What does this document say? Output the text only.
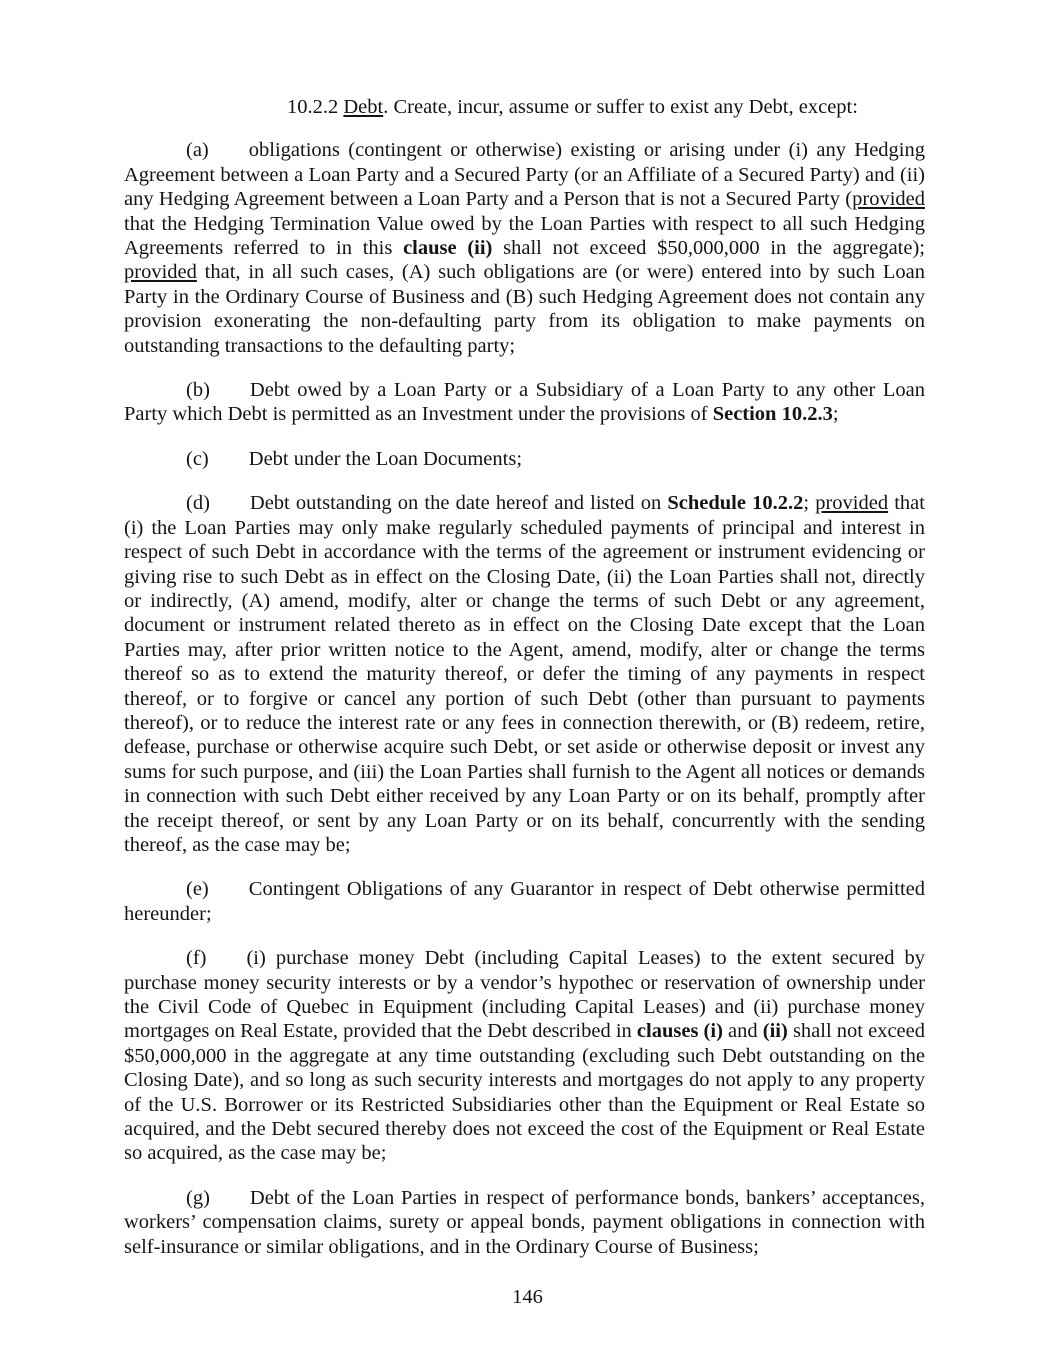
10.2.2 Debt. Create, incur, assume or suffer to exist any Debt, except:

(a) obligations (contingent or otherwise) existing or arising under (i) any Hedging Agreement between a Loan Party and a Secured Party (or an Affiliate of a Secured Party) and (ii) any Hedging Agreement between a Loan Party and a Person that is not a Secured Party (provided that the Hedging Termination Value owed by the Loan Parties with respect to all such Hedging Agreements referred to in this clause (ii) shall not exceed $50,000,000 in the aggregate); provided that, in all such cases, (A) such obligations are (or were) entered into by such Loan Party in the Ordinary Course of Business and (B) such Hedging Agreement does not contain any provision exonerating the non-defaulting party from its obligation to make payments on outstanding transactions to the defaulting party;

(b) Debt owed by a Loan Party or a Subsidiary of a Loan Party to any other Loan Party which Debt is permitted as an Investment under the provisions of Section 10.2.3;

(c) Debt under the Loan Documents;

(d) Debt outstanding on the date hereof and listed on Schedule 10.2.2; provided that (i) the Loan Parties may only make regularly scheduled payments of principal and interest in respect of such Debt in accordance with the terms of the agreement or instrument evidencing or giving rise to such Debt as in effect on the Closing Date, (ii) the Loan Parties shall not, directly or indirectly, (A) amend, modify, alter or change the terms of such Debt or any agreement, document or instrument related thereto as in effect on the Closing Date except that the Loan Parties may, after prior written notice to the Agent, amend, modify, alter or change the terms thereof so as to extend the maturity thereof, or defer the timing of any payments in respect thereof, or to forgive or cancel any portion of such Debt (other than pursuant to payments thereof), or to reduce the interest rate or any fees in connection therewith, or (B) redeem, retire, defease, purchase or otherwise acquire such Debt, or set aside or otherwise deposit or invest any sums for such purpose, and (iii) the Loan Parties shall furnish to the Agent all notices or demands in connection with such Debt either received by any Loan Party or on its behalf, promptly after the receipt thereof, or sent by any Loan Party or on its behalf, concurrently with the sending thereof, as the case may be;

(e) Contingent Obligations of any Guarantor in respect of Debt otherwise permitted hereunder;

(f) (i) purchase money Debt (including Capital Leases) to the extent secured by purchase money security interests or by a vendor’s hypothec or reservation of ownership under the Civil Code of Quebec in Equipment (including Capital Leases) and (ii) purchase money mortgages on Real Estate, provided that the Debt described in clauses (i) and (ii) shall not exceed $50,000,000 in the aggregate at any time outstanding (excluding such Debt outstanding on the Closing Date), and so long as such security interests and mortgages do not apply to any property of the U.S. Borrower or its Restricted Subsidiaries other than the Equipment or Real Estate so acquired, and the Debt secured thereby does not exceed the cost of the Equipment or Real Estate so acquired, as the case may be;

(g) Debt of the Loan Parties in respect of performance bonds, bankers’ acceptances, workers’ compensation claims, surety or appeal bonds, payment obligations in connection with self-insurance or similar obligations, and in the Ordinary Course of Business;

146
